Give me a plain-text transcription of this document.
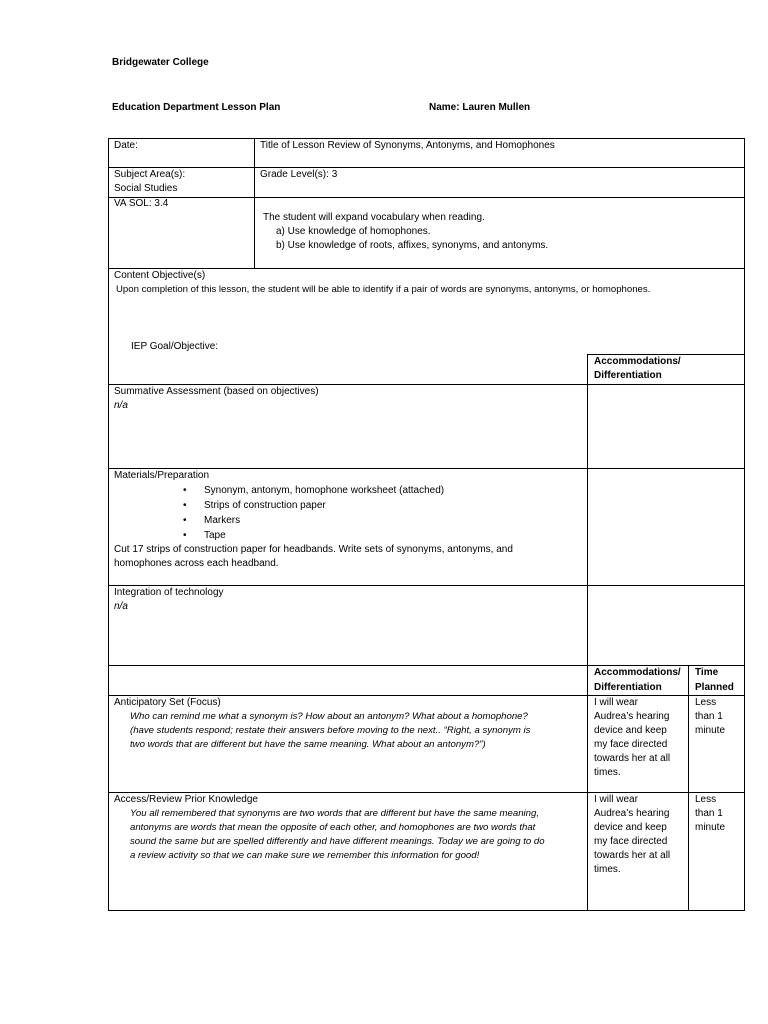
Bridgewater College
Education Department Lesson Plan	Name: Lauren Mullen
Date:	Title of Lesson Review of Synonyms, Antonyms, and Homophones
Subject Area(s):
Social Studies
Grade Level(s): 3
VA SOL: 3.4
The student will expand vocabulary when reading.
a) Use knowledge of homophones.
b) Use knowledge of roots, affixes, synonyms, and antonyms.
Content Objective(s)
Upon completion of this lesson, the student will be able to identify if a pair of words are synonyms, antonyms, or homophones.
IEP Goal/Objective:
Accommodations/
Differentiation
Summative Assessment (based on objectives)
n/a
Materials/Preparation
• Synonym, antonym, homophone worksheet (attached)
• Strips of construction paper
• Markers
• Tape
Cut 17 strips of construction paper for headbands. Write sets of synonyms, antonyms, and
homophones across each headband.
Integration of technology
n/a
Accommodations/
Differentiation
Time
Planned
Anticipatory Set (Focus)
Who can remind me what a synonym is? How about an antonym? What about a homophone?
(have students respond; restate their answers before moving to the next.. “Right, a synonym is
two words that are different but have the same meaning. What about an antonym?”)
I will wear
Audrea’s hearing
device and keep
my face directed
towards her at all
times.
Less
than 1
minute
Access/Review Prior Knowledge
You all remembered that synonyms are two words that are different but have the same meaning,
antonyms are words that mean the opposite of each other, and homophones are two words that
sound the same but are spelled differently and have different meanings. Today we are going to do
a review activity so that we can make sure we remember this information for good!
I will wear
Audrea’s hearing
device and keep
my face directed
towards her at all
times.
Less
than 1
minute
